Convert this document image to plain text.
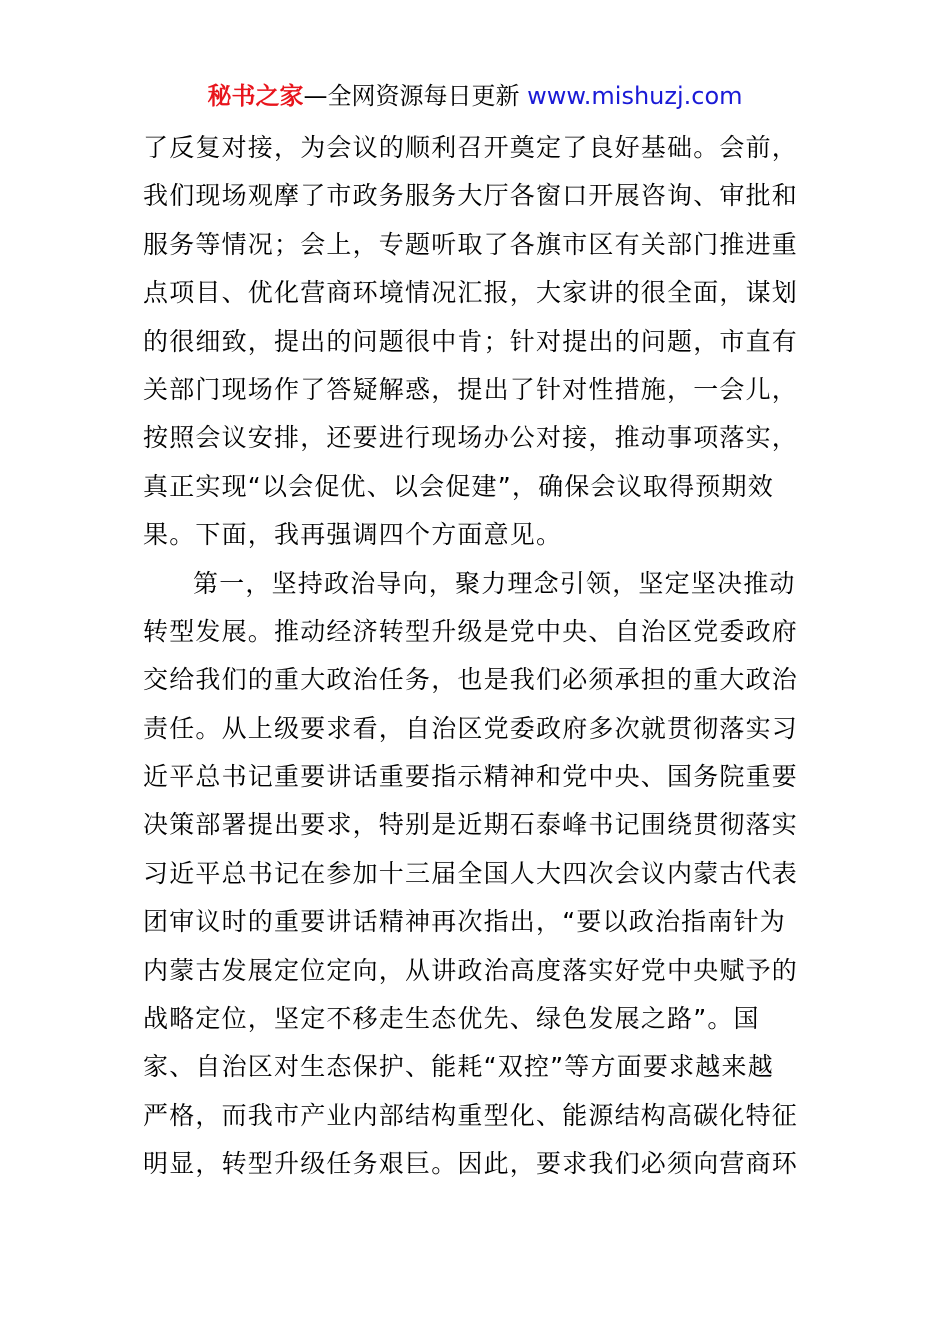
秘书之家—全网资源每日更新 www.mishuzj.com
了反复对接，为会议的顺利召开奠定了良好基础。会前，
我们现场观摩了市政务服务大厅各窗口开展咨询、审批和
服务等情况；会上，专题听取了各旗市区有关部门推进重
点项目、优化营商环境情况汇报，大家讲的很全面，谋划
的很细致，提出的问题很中肯；针对提出的问题，市直有
关部门现场作了答疑解惑，提出了针对性措施，一会儿，
按照会议安排，还要进行现场办公对接，推动事项落实，
真正实现“以会促优、以会促建”，确保会议取得预期效
果。下面，我再强调四个方面意见。
第一，坚持政治导向，聚力理念引领，坚定坚决推动
转型发展。推动经济转型升级是党中央、自治区党委政府
交给我们的重大政治任务，也是我们必须承担的重大政治
责任。从上级要求看，自治区党委政府多次就贯彻落实习
近平总书记重要讲话重要指示精神和党中央、国务院重要
决策部署提出要求，特别是近期石泰峰书记围绕贯彻落实
习近平总书记在参加十三届全国人大四次会议内蒙古代表
团审议时的重要讲话精神再次指出，“要以政治指南针为
内蒙古发展定位定向，从讲政治高度落实好党中央赋予的
战略定位，坚定不移走生态优先、绿色发展之路”。国
家、自治区对生态保护、能耗“双控”等方面要求越来越
严格，而我市产业内部结构重型化、能源结构高碳化特征
明显，转型升级任务艰巨。因此，要求我们必须向营商环
